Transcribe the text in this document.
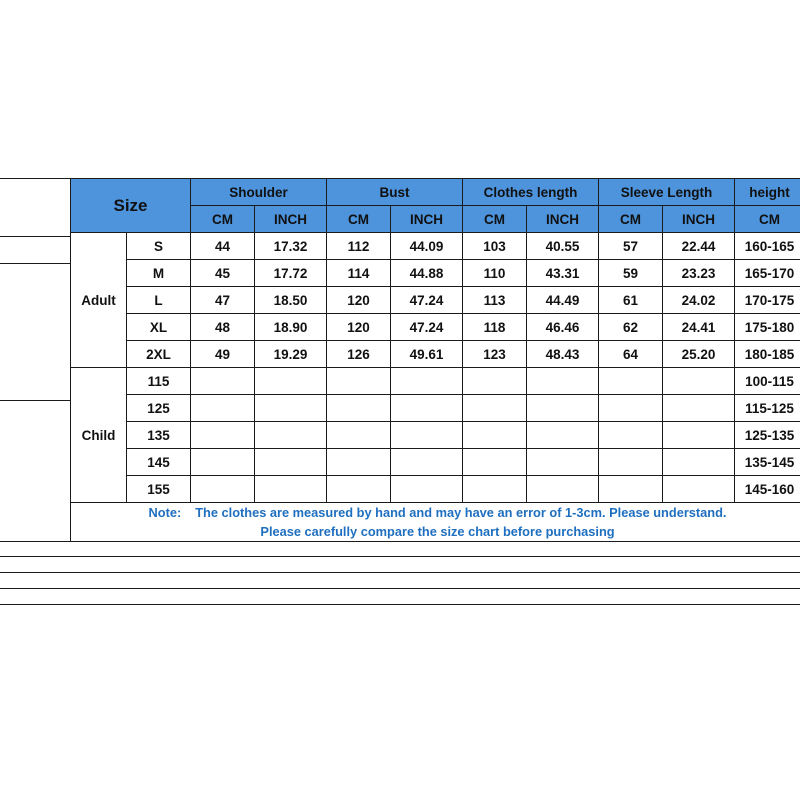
Size		Shoulder		Bust		Clothes length		Sleeve Length		height
		CM	INCH	CM	INCH	CM	INCH	CM	INCH	CM
Adult	S	44	17.32	112	44.09	103	40.55	57	22.44	160-165
	M	45	17.72	114	44.88	110	43.31	59	23.23	165-170
	L	47	18.50	120	47.24	113	44.49	61	24.02	170-175
	XL	48	18.90	120	47.24	118	46.46	62	24.41	175-180
	2XL	49	19.29	126	49.61	123	48.43	64	25.20	180-185
Child	115									100-115
	125									115-125
	135									125-135
	145									135-145
	155									145-160

Note: The clothes are measured by hand and may have an error of 1-3cm. Please understand.
Please carefully compare the size chart before purchasing										
